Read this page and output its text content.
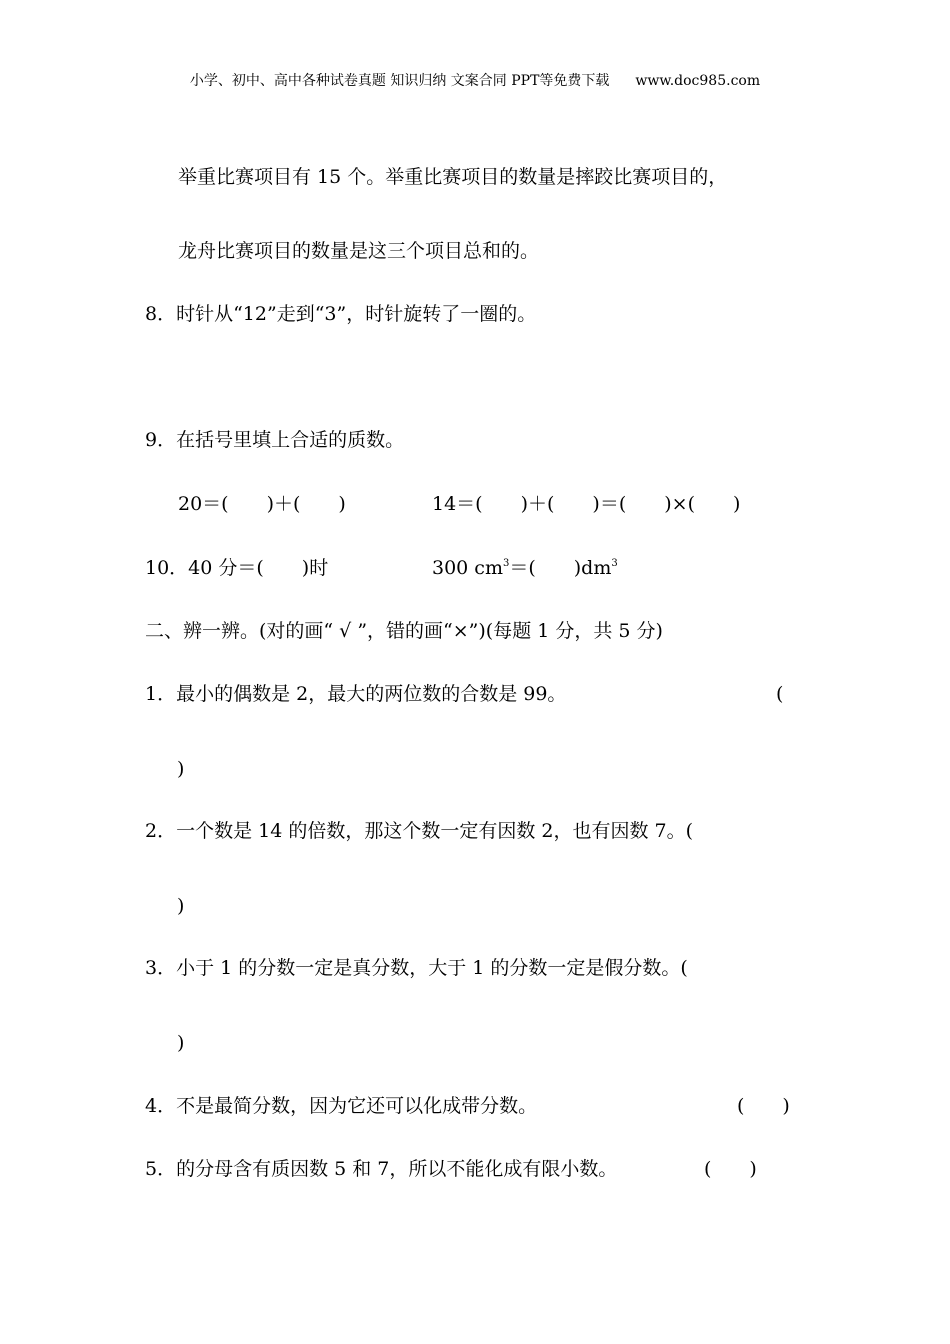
小学、初中、高中各种试卷真题 知识归纳 文案合同 PPT等免费下载 www.doc985.com
举重比赛项目有 15 个。举重比赛项目的数量是摔跤比赛项目的，
龙舟比赛项目的数量是这三个项目总和的。
8．时针从“12”走到“3”，时针旋转了一圈的。
9．在括号里填上合适的质数。
20＝(　　)＋(　　)	14＝(　　)＋(　　)＝(　　)×(　　)
10．40 分＝(　　)时	300 $cm^3=$(　　)$dm^3$
二、辨一辨。(对的画“ √ ”，错的画“×”)(每题 1 分，共 5 分)
1．最小的偶数是 2，最大的两位数的合数是 99。	(
)
2．一个数是 14 的倍数，那这个数一定有因数 2，也有因数 7。(
)
3．小于 1 的分数一定是真分数，大于 1 的分数一定是假分数。(
)
4．不是最简分数，因为它还可以化成带分数。	(　　)
5．的分母含有质因数 5 和 7，所以不能化成有限小数。	(　　)
